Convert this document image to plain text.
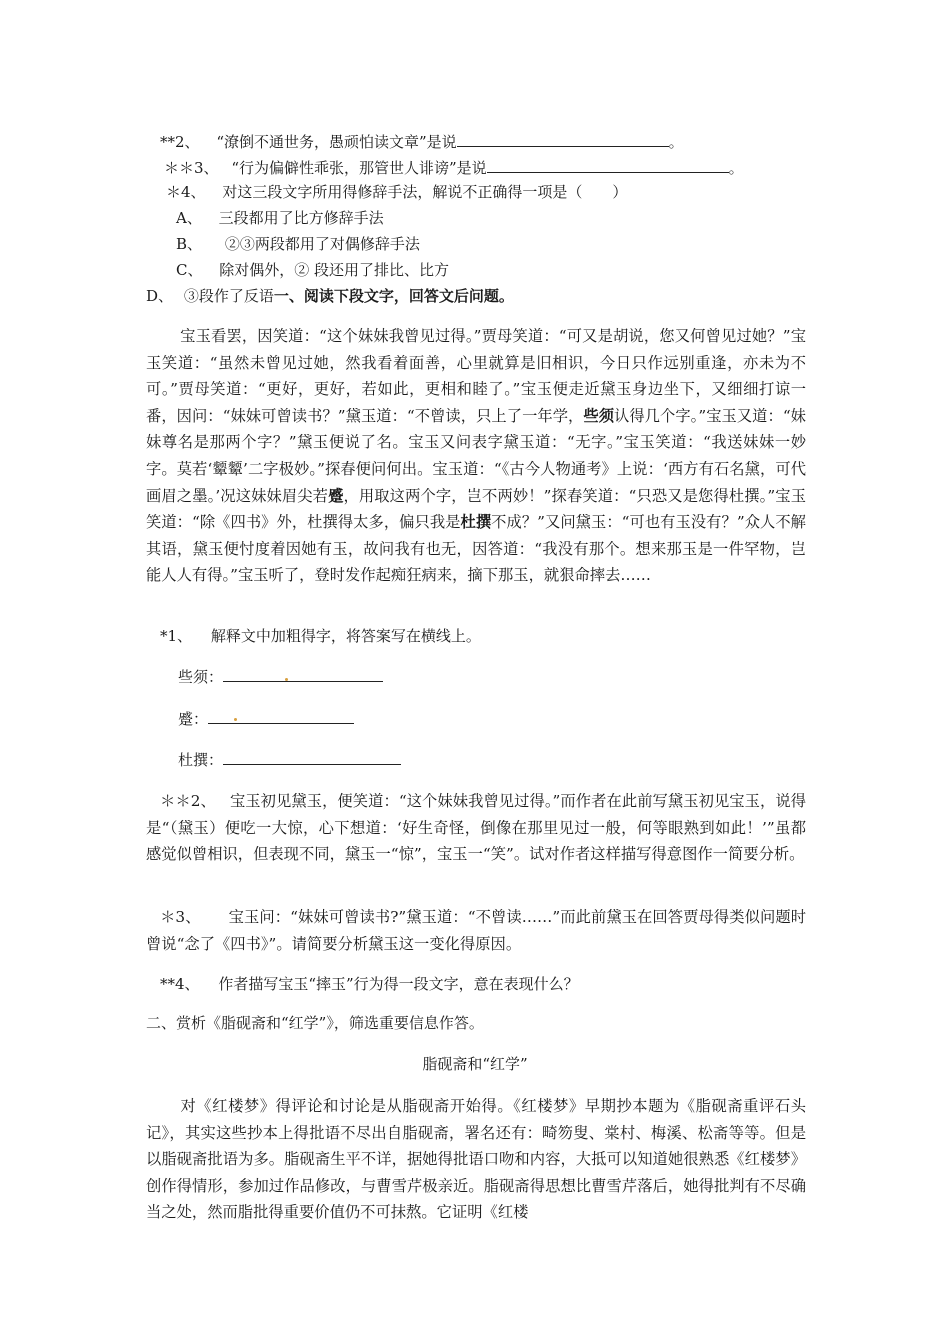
**2、 “潦倒不通世务，愚顽怕读文章”是说	。
＊＊3、 “行为偏僻性乖张，那管世人诽谤”是说	。
＊4、 对这三段文字所用得修辞手法，解说不正确得一项是（　　）
A、 三段都用了比方修辞手法
B、 ②③两段都用了对偶修辞手法
C、 除对偶外，② 段还用了排比、比方
D、 ③段作了反语一、阅读下段文字，回答文后问题。

宝玉看罢，因笑道：“这个妹妹我曾见过得。”贾母笑道：“可又是胡说，您又何曾见过她？”宝玉笑道：“虽然未曾见过她，然我看着面善，心里就算是旧相识，今日只作远别重逢，亦未为不可。”贾母笑道：“更好，更好，若如此，更相和睦了。”宝玉便走近黛玉身边坐下，又细细打谅一番，因问：“妹妹可曾读书？”黛玉道：“不曾读，只上了一年学，些须认得几个字。”宝玉又道：“妹妹尊名是那两个字？”黛玉便说了名。宝玉又问表字黛玉道：“无字。”宝玉笑道：“我送妹妹一妙字。莫若‘颦颦’二字极妙。”探春便问何出。宝玉道：“《古今人物通考》上说：‘西方有石名黛，可代画眉之墨。’况这妹妹眉尖若蹙，用取这两个字，岂不两妙！”探春笑道：“只恐又是您得杜撰。”宝玉笑道：“除《四书》外，杜撰得太多，偏只我是杜撰不成？”又问黛玉：“可也有玉没有？”众人不解其语，黛玉便忖度着因她有玉，故问我有也无，因答道：“我没有那个。想来那玉是一件罕物，岂能人人有得。”宝玉听了，登时发作起痴狂病来，摘下那玉，就狠命摔去……

*1、 解释文中加粗得字，将答案写在横线上。
些须：
蹙：
杜撰：

＊＊2、 宝玉初见黛玉，便笑道：“这个妹妹我曾见过得。”而作者在此前写黛玉初见宝玉，说得是“（黛玉）便吃一大惊，心下想道：‘好生奇怪，倒像在那里见过一般，何等眼熟到如此！’”虽都感觉似曾相识，但表现不同，黛玉一“惊”，宝玉一“笑”。试对作者这样描写得意图作一简要分析。

＊3、 宝玉问：“妹妹可曾读书?”黛玉道：“不曾读……”而此前黛玉在回答贾母得类似问题时曾说“念了《四书》”。请简要分析黛玉这一变化得原因。

**4、 作者描写宝玉“摔玉”行为得一段文字，意在表现什么？
二、赏析《脂砚斋和“红学”》，筛选重要信息作答。
脂砚斋和“红学”

对《红楼梦》得评论和讨论是从脂砚斋开始得。《红楼梦》早期抄本题为《脂砚斋重评石头记》，其实这些抄本上得批语不尽出自脂砚斋，署名还有：畸笏叟、棠村、梅溪、松斋等等。但是以脂砚斋批语为多。脂砚斋生平不详，据她得批语口吻和内容，大抵可以知道她很熟悉《红楼梦》创作得情形，参加过作品修改，与曹雪芹极亲近。脂砚斋得思想比曹雪芹落后，她得批判有不尽确当之处，然而脂批得重要价值仍不可抹熬。它证明《红楼
